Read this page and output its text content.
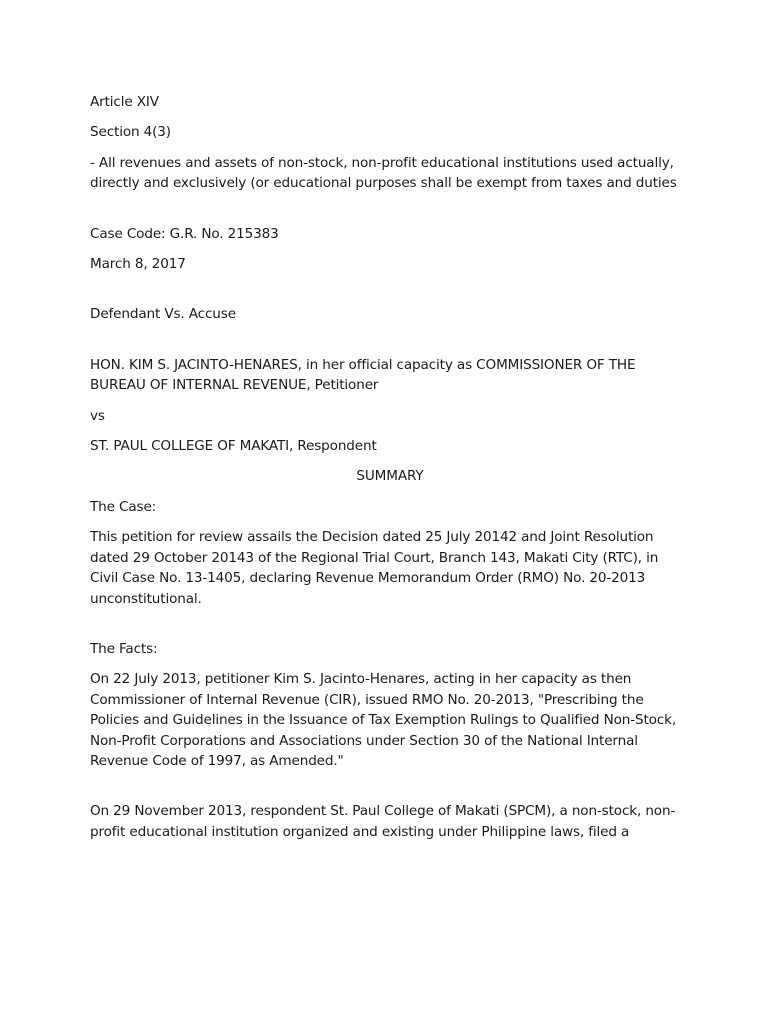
Article XIV

Section 4(3)

- All revenues and assets of non-stock, non-profit educational institutions used actually, directly and exclusively (or educational purposes shall be exempt from taxes and duties

Case Code: G.R. No. 215383

March 8, 2017

Defendant Vs. Accuse

HON. KIM S. JACINTO-HENARES, in her official capacity as COMMISSIONER OF THE BUREAU OF INTERNAL REVENUE, Petitioner

vs

ST. PAUL COLLEGE OF MAKATI, Respondent

SUMMARY

The Case:

This petition for review assails the Decision dated 25 July 20142 and Joint Resolution dated 29 October 20143 of the Regional Trial Court, Branch 143, Makati City (RTC), in Civil Case No. 13-1405, declaring Revenue Memorandum Order (RMO) No. 20-2013 unconstitutional.

The Facts:

On 22 July 2013, petitioner Kim S. Jacinto-Henares, acting in her capacity as then Commissioner of Internal Revenue (CIR), issued RMO No. 20-2013, "Prescribing the Policies and Guidelines in the Issuance of Tax Exemption Rulings to Qualified Non-Stock, Non-Profit Corporations and Associations under Section 30 of the National Internal Revenue Code of 1997, as Amended."

On 29 November 2013, respondent St. Paul College of Makati (SPCM), a non-stock, non-profit educational institution organized and existing under Philippine laws, filed a
